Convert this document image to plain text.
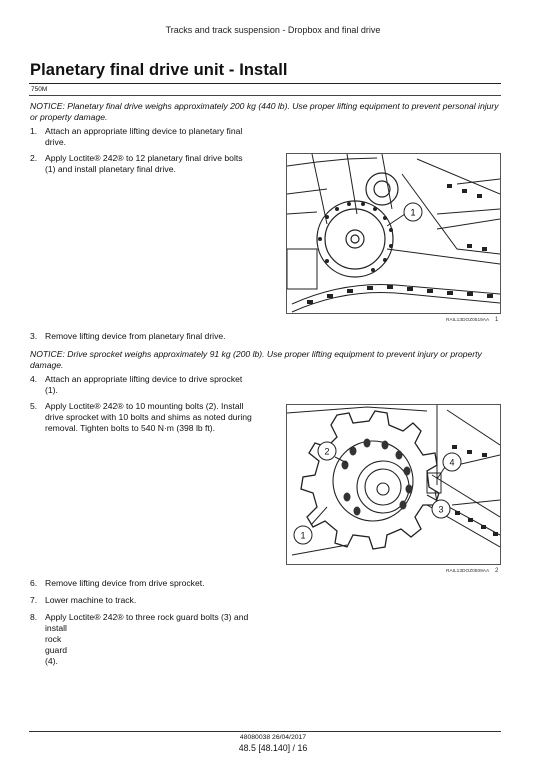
Tracks and track suspension - Dropbox and final drive
Planetary final drive unit - Install
750M
NOTICE: Planetary final drive weighs approximately 200 kg (440 lb). Use proper lifting equipment to prevent personal injury or property damage.
1. Attach an appropriate lifting device to planetary final
drive.
2. Apply Loctite® 242® to 12 planetary final drive bolts
(1) and install planetary final drive.
1
RAIL13DOZ0519AA 1
3. Remove lifting device from planetary final drive.
NOTICE: Drive sprocket weighs approximately 91 kg (200 lb). Use proper lifting equipment to prevent injury or property damage.
4. Attach an appropriate lifting device to drive sprocket
(1).
5. Apply Loctite® 242® to 10 mounting bolts (2). Install
drive sprocket with 10 bolts and shims as noted during
removal. Tighten bolts to 540 N·m (398 lb ft).
1
2
3
4
RAIL13DOZ0509AA 2
6. Remove lifting device from drive sprocket.
7. Lower machine to track.
8. Apply Loctite® 242® to three rock guard bolts (3) and
install rock guard (4).
48080038 26/04/2017
48.5 [48.140] / 16
